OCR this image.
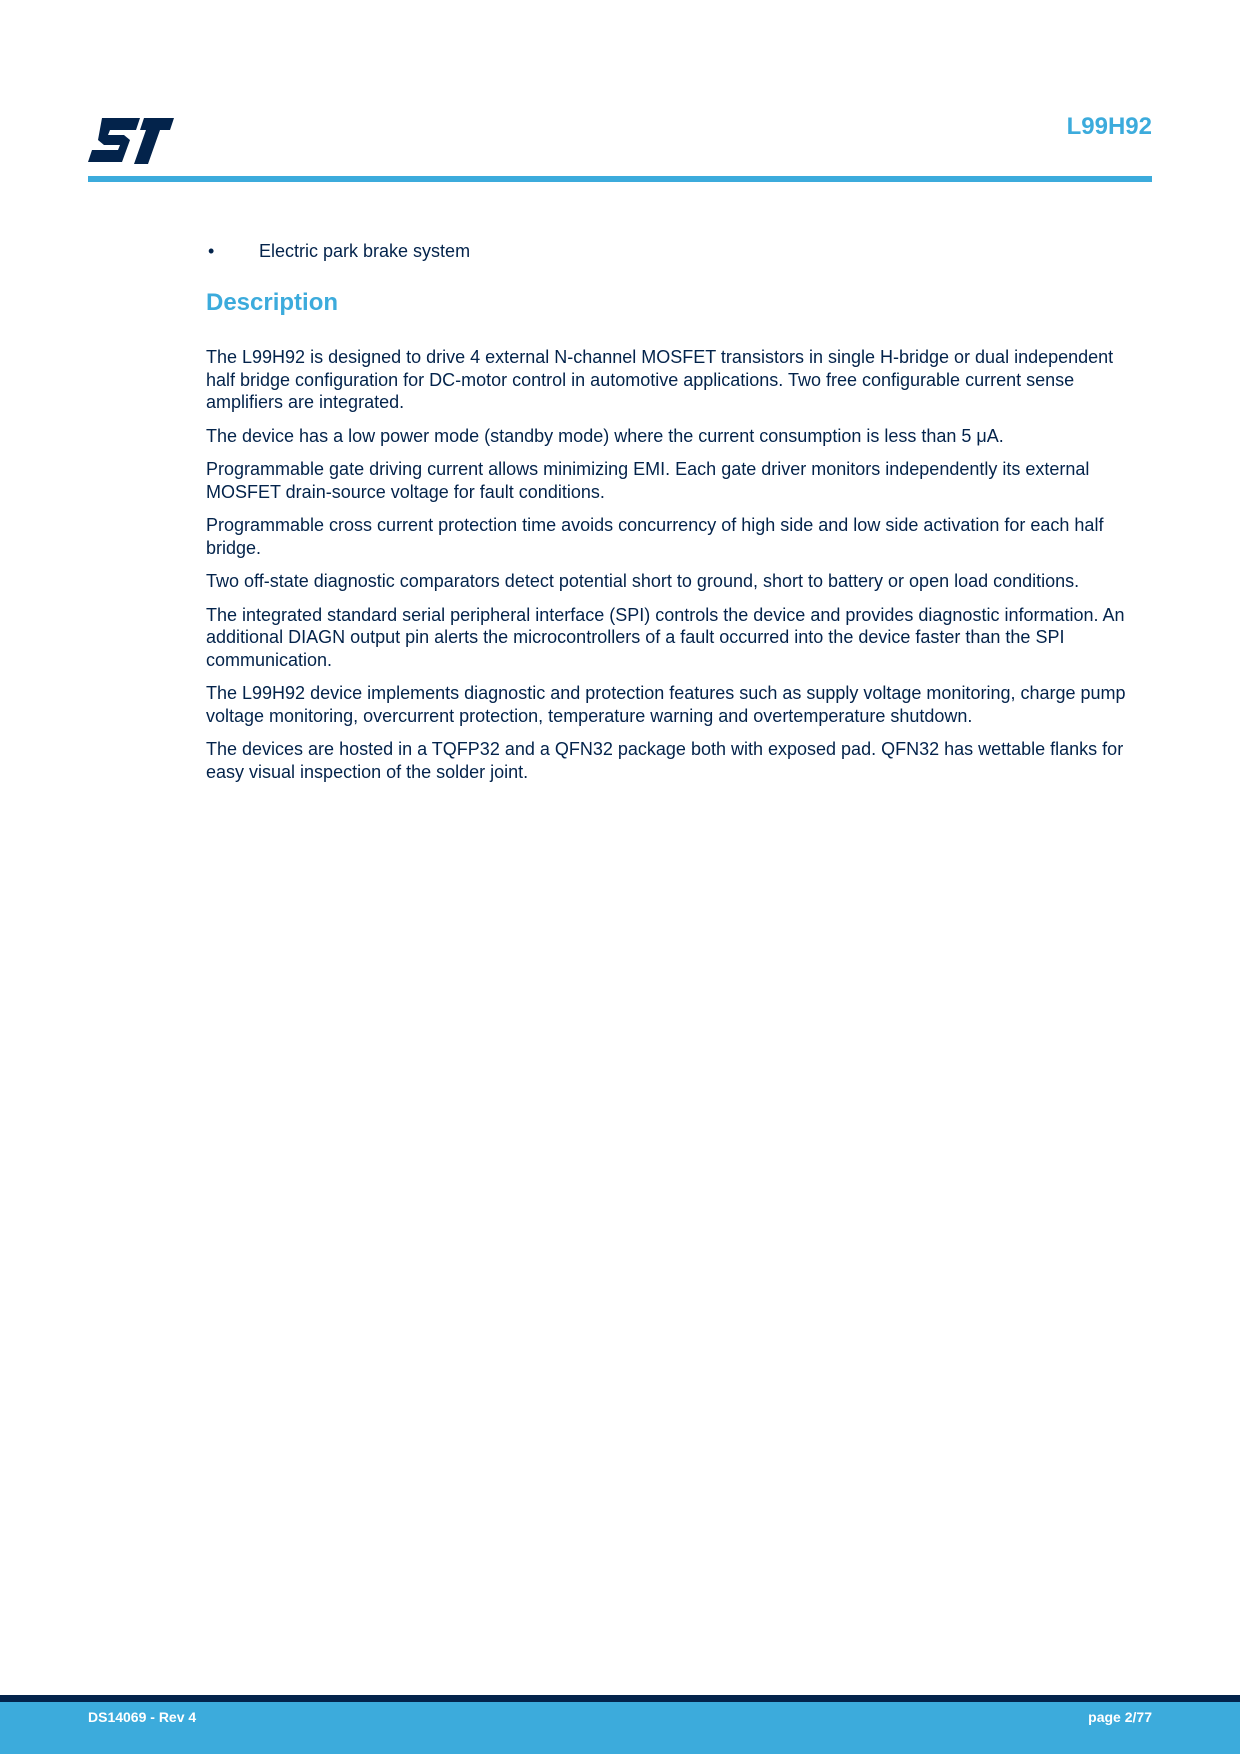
L99H92
• Electric park brake system
Description

The L99H92 is designed to drive 4 external N-channel MOSFET transistors in single H-bridge or dual independent half bridge configuration for DC-motor control in automotive applications. Two free configurable current sense amplifiers are integrated.

The device has a low power mode (standby mode) where the current consumption is less than 5 μA.

Programmable gate driving current allows minimizing EMI. Each gate driver monitors independently its external MOSFET drain-source voltage for fault conditions.

Programmable cross current protection time avoids concurrency of high side and low side activation for each half bridge.

Two off-state diagnostic comparators detect potential short to ground, short to battery or open load conditions.

The integrated standard serial peripheral interface (SPI) controls the device and provides diagnostic information. An additional DIAGN output pin alerts the microcontrollers of a fault occurred into the device faster than the SPI communication.

The L99H92 device implements diagnostic and protection features such as supply voltage monitoring, charge pump voltage monitoring, overcurrent protection, temperature warning and overtemperature shutdown.

The devices are hosted in a TQFP32 and a QFN32 package both with exposed pad. QFN32 has wettable flanks for easy visual inspection of the solder joint.

DS14069 - Rev 4	page 2/77
